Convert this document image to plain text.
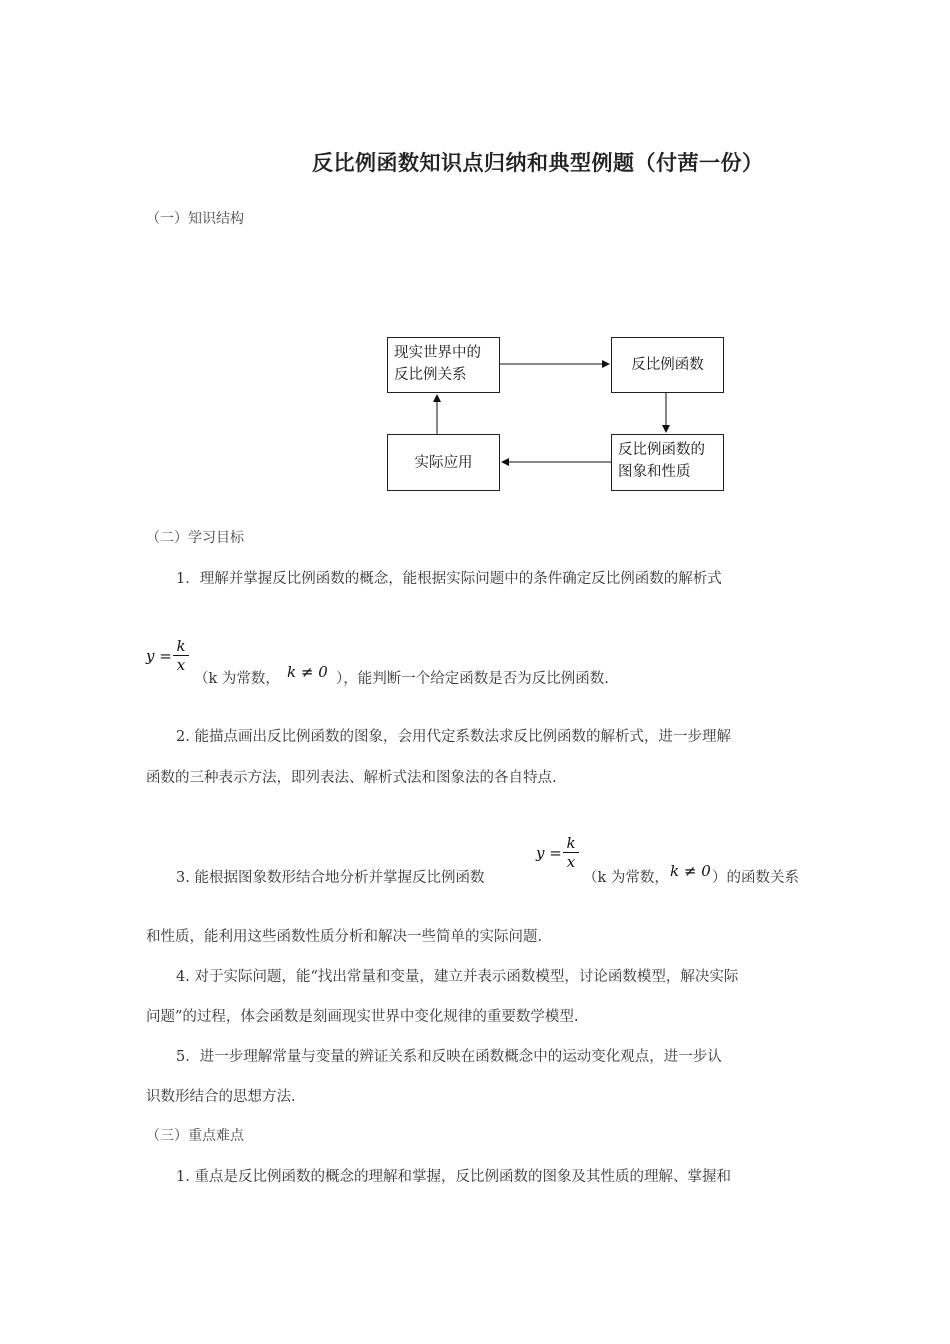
反比例函数知识点归纳和典型例题（付茜一份）
（一）知识结构
现实世界中的
反比例关系
反比例函数
反比例函数的
图象和性质
实际应用
（二）学习目标
1．理解并掌握反比例函数的概念，能根据实际问题中的条件确定反比例函数的解析式
y =
k
x
（k 为常数， k ≠ 0 ），能判断一个给定函数是否为反比例函数.
2. 能描点画出反比例函数的图象，会用代定系数法求反比例函数的解析式，进一步理解
函数的三种表示方法，即列表法、解析式法和图象法的各自特点.
y =
k
x
3. 能根据图象数形结合地分析并掌握反比例函数	（k 为常数， k ≠ 0 ）的函数关系
和性质，能利用这些函数性质分析和解决一些简单的实际问题.
4. 对于实际问题，能“找出常量和变量，建立并表示函数模型，讨论函数模型，解决实际
问题”的过程，体会函数是刻画现实世界中变化规律的重要数学模型.
5．进一步理解常量与变量的辨证关系和反映在函数概念中的运动变化观点，进一步认
识数形结合的思想方法.
（三）重点难点
1. 重点是反比例函数的概念的理解和掌握，反比例函数的图象及其性质的理解、掌握和
